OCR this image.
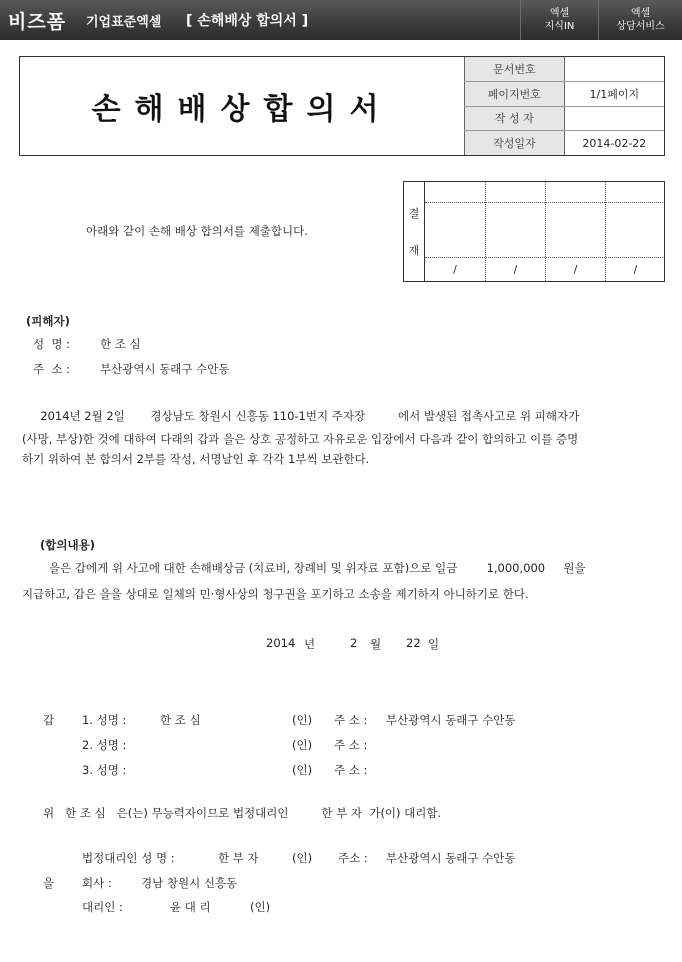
비즈폼 기업표준엑셀 [ 손해배상 합의서 ]	엑셀
지식IN
엑셀
상담서비스
손해배상합의서
문서번호	
페이지번호	1/1페이지
작 성 자	
작성일자	2014-02-22
결
재
/	/	/	/
아래와 같이 손해 배상 합의서를 제출합니다.
(피해자)
성  명 :	한 조 심
주  소 :	부산광역시 동래구 수안동
2014년 2월 2일       경상남도 창원시 신흥동 110-1번지 주자장         에서 발생된 접촉사고로 위 피해자가
(사망, 부상)한 것에 대하여 다래의 갑과 을은 상호 공정하고 자유로운 입장에서 다음과 같이 합의하고 이를 증명
하기 위하여 본 합의서 2부를 작성, 서명날인 후 각각 1부씩 보관한다.
(합의내용)
을은 갑에게 위 사고에 대한 손해배상금 (치료비, 장례비 및 위자료 포함)으로 일금        1,000,000     원을
지급하고, 갑은 을을 상대로 일체의 민·형사상의 청구권을 포기하고 소송을 제기하지 아니하기로 한다.
2014 년	2 월 22 일
갑 1. 성명 :	한 조 심	(인) 주 소 : 부산광역시 동래구 수안동
2. 성명 :	(인) 주 소 :
3. 성명 :	(인) 주 소 :
위   한 조 심   은(는) 무능력자이므로 법정대리인         한 부 자  가(이) 대리함.
법정대리인 성 명 :	한 부 자	(인) 주소 : 부산광역시 동래구 수안동
을 회사 :	경남 창원시 신흥동
대리인 :	윤 대 리	(인)
